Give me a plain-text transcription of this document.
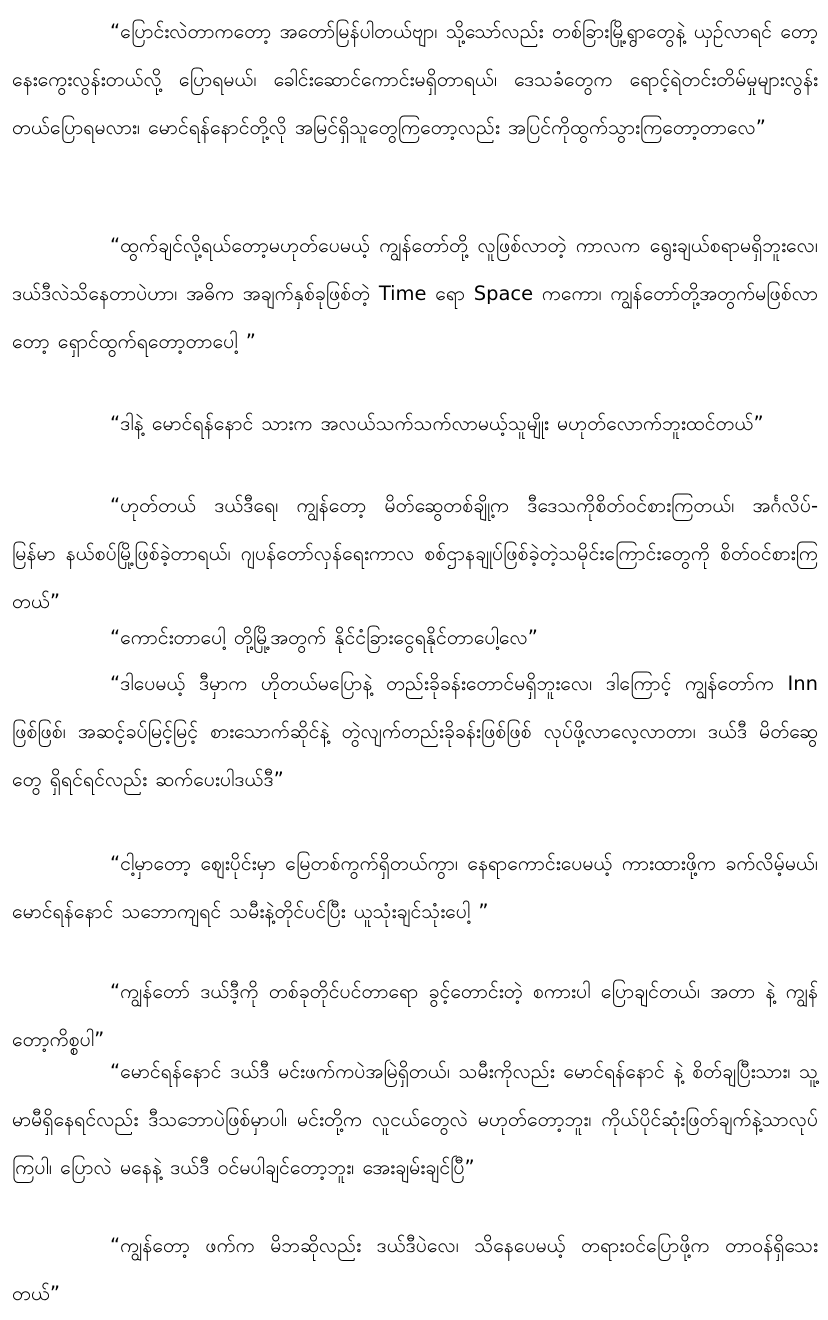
“ပြောင်းလဲတာကတော့ အတော်မြန်ပါတယ်ဗျာ၊ သို့သော်လည်း တစ်ခြားမြို့ရွာတွေနဲ့ ယှဉ်လာရင် တော့နေးကွေးလွန်းတယ်လို့ ပြောရမယ်၊ ခေါင်းဆောင်ကောင်းမရှိတာရယ်၊ ဒေသခံတွေက ရောင့်ရဲတင်းတိမ်မှုများလွန်းတယ်ပြောရမလား၊ မောင်ရန်နောင်တို့လို အမြင်ရှိသူတွေကြတော့လည်း အပြင်ကိုထွက်သွားကြတော့တာလေ”

“ထွက်ချင်လို့ရယ်တော့မဟုတ်ပေမယ့် ကျွန်တော်တို့ လူဖြစ်လာတဲ့ ကာလက ရွေးချယ်စရာမရှိဘူးလေ၊ ဒယ်ဒီလဲသိနေတာပဲဟာ၊ အဓိက အချက်နှစ်ခုဖြစ်တဲ့ Time ရော Space ကကော၊ ကျွန်တော်တို့အတွက်မဖြစ်လာတော့ ရှောင်ထွက်ရတော့တာပေါ့ ”

“ဒါနဲ့ မောင်ရန်နောင် သားက အလယ်သက်သက်လာမယ့်သူမျိုး မဟုတ်လောက်ဘူးထင်တယ်”

“ဟုတ်တယ် ဒယ်ဒီရေ၊ ကျွန်တော့ မိတ်ဆွေတစ်ချို့က ဒီဒေသကိုစိတ်ဝင်စားကြတယ်၊ အင်္ဂလိပ်- မြန်မာ နယ်စပ်မြို့ဖြစ်ခဲ့တာရယ်၊ ဂျပန်တော်လှန်ရေးကာလ စစ်ဌာနချုပ်ဖြစ်ခဲ့တဲ့သမိုင်းကြောင်းတွေကို စိတ်ဝင်စားကြတယ်”

“ကောင်းတာပေါ့ တို့မြို့အတွက် နိုင်ငံခြားငွေရနိုင်တာပေါ့လေ”

“ဒါပေမယ့် ဒီမှာက ဟိုတယ်မပြောနဲ့ တည်းခိုခန်းတောင်မရှိဘူးလေ၊ ဒါကြောင့် ကျွန်တော်က Inn ဖြစ်ဖြစ်၊ အဆင့်ခပ်မြင့်မြင့် စားသောက်ဆိုင်နဲ့ တွဲလျက်တည်းခိုခန်းဖြစ်ဖြစ် လုပ်ဖို့လာလေ့လာတာ၊ ဒယ်ဒီ မိတ်ဆွေတွေ ရှိရင်ရင်လည်း ဆက်ပေးပါဒယ်ဒီ”

“ငါ့မှာတော့ ဈေးပိုင်းမှာ မြေတစ်ကွက်ရှိတယ်ကွာ၊ နေရာကောင်းပေမယ့် ကားထားဖို့က ခက်လိမ့်မယ်၊ မောင်ရန်နောင် သဘောကျရင် သမီးနဲ့တိုင်ပင်ပြီး ယူသုံးချင်သုံးပေါ့ ”

“ကျွန်တော် ဒယ်ဒီ့ကို တစ်ခုတိုင်ပင်တာရော ခွင့်တောင်းတဲ့ စကားပါ ပြောချင်တယ်၊ အတာ နဲ့ ကျွန်တော့ကိစ္စပါ”

“မောင်ရန်နောင် ဒယ်ဒီ မင်းဖက်ကပဲအမြဲရှိတယ်၊ သမီးကိုလည်း မောင်ရန်နောင် နဲ့ စိတ်ချပြီးသား၊ သူ့မာမီရှိနေရင်လည်း ဒီသဘောပဲဖြစ်မှာပါ၊ မင်းတို့က လူငယ်တွေလဲ မဟုတ်တော့ဘူး၊ ကိုယ်ပိုင်ဆုံးဖြတ်ချက်နဲ့သာလုပ်ကြပါ၊ ပြောလဲ မနေနဲ့ ဒယ်ဒီ ဝင်မပါချင်တော့ဘူး၊ အေးချမ်းချင်ပြီ”

“ကျွန်တော့ ဖက်က မိဘဆိုလည်း ဒယ်ဒီပဲလေ၊ သိနေပေမယ့် တရားဝင်ပြောဖို့က တာဝန်ရှိသေးတယ်”
